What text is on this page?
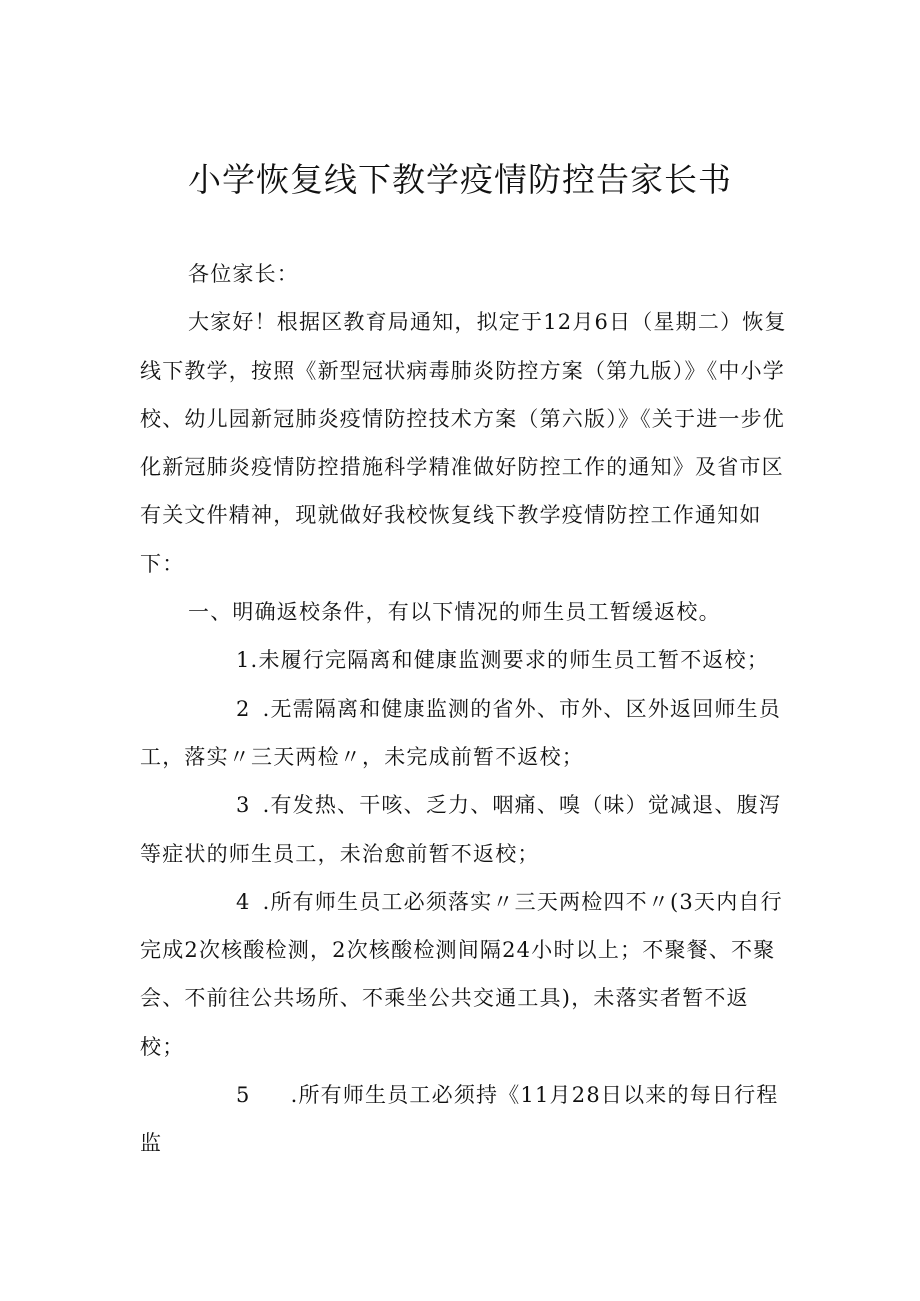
小学恢复线下教学疫情防控告家长书

各位家长：

大家好！根据区教育局通知，拟定于12月6日（星期二）恢复线下教学，按照《新型冠状病毒肺炎防控方案（第九版）》《中小学校、幼儿园新冠肺炎疫情防控技术方案（第六版）》《关于进一步优化新冠肺炎疫情防控措施科学精准做好防控工作的通知》及省市区有关文件精神，现就做好我校恢复线下教学疫情防控工作通知如下：

一、明确返校条件，有以下情况的师生员工暂缓返校。

1.未履行完隔离和健康监测要求的师生员工暂不返校；

2 .无需隔离和健康监测的省外、市外、区外返回师生员工，落实〃三天两检〃，未完成前暂不返校；

3 .有发热、干咳、乏力、咽痛、嗅（味）觉减退、腹泻等症状的师生员工，未治愈前暂不返校；

4 .所有师生员工必须落实〃三天两检四不〃(3天内自行完成2次核酸检测，2次核酸检测间隔24小时以上；不聚餐、不聚会、不前往公共场所、不乘坐公共交通工具)，未落实者暂不返校；

5 .所有师生员工必须持《11月28日以来的每日行程监
